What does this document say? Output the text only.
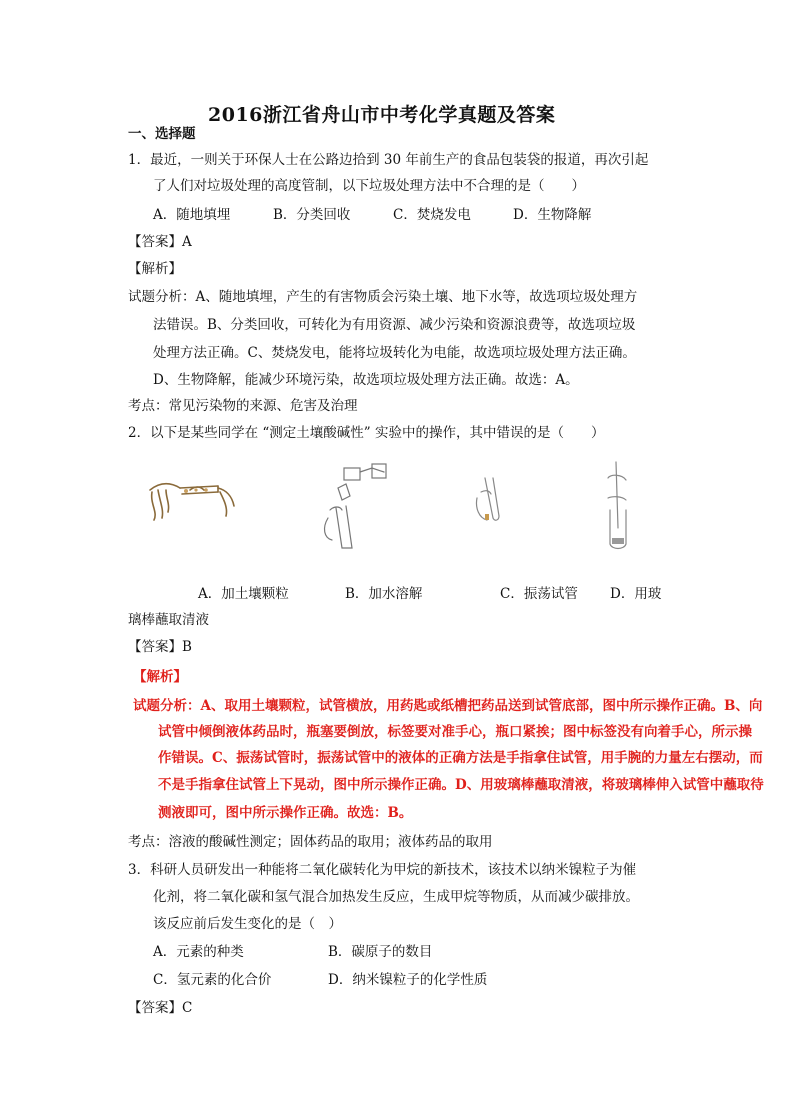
2016浙江省舟山市中考化学真题及答案
一、选择题
1．最近，一则关于环保人士在公路边拾到 30 年前生产的食品包装袋的报道，再次引起
了人们对垃圾处理的高度管制，以下垃圾处理方法中不合理的是（　　）
A．随地填埋	B．分类回收	C．焚烧发电	D．生物降解
【答案】A
【解析】
试题分析：A、随地填埋，产生的有害物质会污染土壤、地下水等，故选项垃圾处理方
法错误。B、分类回收，可转化为有用资源、减少污染和资源浪费等，故选项垃圾
处理方法正确。C、焚烧发电，能将垃圾转化为电能，故选项垃圾处理方法正确。
D、生物降解，能减少环境污染，故选项垃圾处理方法正确。故选：A。
考点：常见污染物的来源、危害及治理
2．以下是某些同学在 “测定土壤酸碱性” 实验中的操作，其中错误的是（　　）
A．加土壤颗粒	B．加水溶解	C．振荡试管 D．用玻
璃棒蘸取清液
【答案】B
【解析】
试题分析：A、取用土壤颗粒，试管横放，用药匙或纸槽把药品送到试管底部，图中所示操作正确。B、向
试管中倾倒液体药品时，瓶塞要倒放，标签要对准手心，瓶口紧挨；图中标签没有向着手心，所示操
作错误。C、振荡试管时，振荡试管中的液体的正确方法是手指拿住试管，用手腕的力量左右摆动，而
不是手指拿住试管上下晃动，图中所示操作正确。D、用玻璃棒蘸取清液，将玻璃棒伸入试管中蘸取待
测液即可，图中所示操作正确。故选：B。
考点：溶液的酸碱性测定；固体药品的取用；液体药品的取用
3．科研人员研发出一种能将二氧化碳转化为甲烷的新技术，该技术以纳米镍粒子为催
化剂，将二氧化碳和氢气混合加热发生反应，生成甲烷等物质，从而减少碳排放。
该反应前后发生变化的是（　）
A．元素的种类	B．碳原子的数目
C．氢元素的化合价	D．纳米镍粒子的化学性质
【答案】C
